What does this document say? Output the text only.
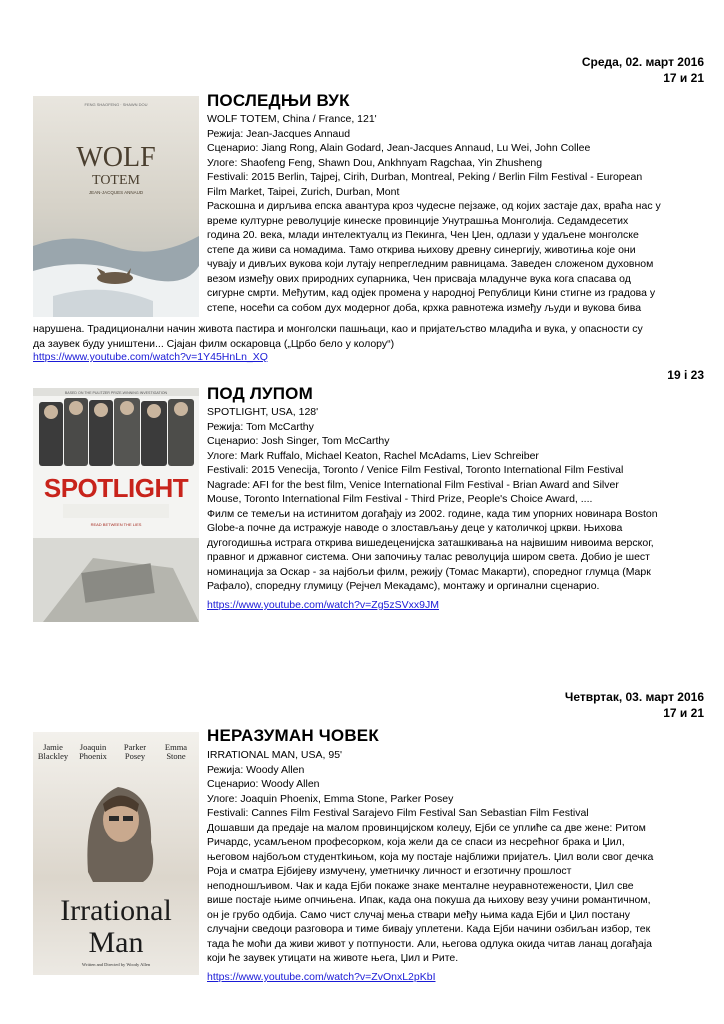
Среда, 02. март 2016
17 и 21
FENG SHAOFENG · SHAWN DOU
WOLF
TOTEM
JEAN-JACQUES ANNAUD
ПОСЛЕДЊИ ВУК
WOLF TOTEM, China / France, 121'
Режија: Jean-Jacques Annaud
Сценарио: Jiang Rong, Alain Godard, Jean-Jacques Annaud, Lu Wei, John Collee
Улоге: Shaofeng Feng, Shawn Dou, Ankhnyam Ragchaa, Yin Zhusheng
Festivali: 2015 Berlin, Tajpej, Cirih, Durban, Montreal, Peking / Berlin Film Festival - European
Film Market, Taipei, Zurich, Durban, Mont
Раскошна и дирљива епска авантура кроз чудесне пејзаже, од којих застаје дах, враћа нас у
време културне револуције кинеске провинције Унутрашња Монголија. Седамдесетих
година 20. века, млади интелектуалц из Пекинга, Чен Џен, одлази у удаљене монголске
степе да живи са номадима. Тамо открива њихову древну синергију, животиња које они
чувају и дивљих вукова који лутају непрегледним равницама. Заведен сложеном духовном
везом између ових природних супарника, Чен присваја младунче вука кога спасава од
сигурне смрти. Међутим, кад одјек промена у народној Републици Кини стигне из градова у
степе, носећи са собом дух модерног доба, крхка равнотежа између људи и вукова бива
нарушена. Традиционални начин живота пастира и монголски пашњаци, као и пријатељство младића и вука, у опасности су
да заувек буду уништени... Сјајан филм оскаровца („Црбо бело у колору“)
https://www.youtube.com/watch?v=1Y45HnLn_XQ
19 i 23
BASED ON THE PULITZER PRIZE-WINNING INVESTIGATION
SPOTLIGHT
READ BETWEEN THE LIES
ПОД ЛУПОМ
SPOTLIGHT, USA, 128'
Режија: Tom McCarthy
Сценарио: Josh Singer, Tom McCarthy
Улоге: Mark Ruffalo, Michael Keaton, Rachel McAdams, Liev Schreiber
Festivali: 2015 Venecija, Toronto / Venice Film Festival, Toronto International Film Festival
Nagrade: AFI for the best film, Venice International Film Festival - Brian Award and Silver
Mouse, Toronto International Film Festival - Third Prize, People's Choice Award, ....
Филм се темељи на истинитом догађају из 2002. године, када тим упорних новинара Boston
Globe-a почне да истражује наводе о злостављању деце у католичкој цркви. Њихова
дугогодишња истрага открива вишедеценијска заташкивања на највишим нивоима верског,
правног и државног система. Они започињу талас револуција широм света. Добио је шест
номинација за Оскар - за најбољи филм, режију (Томас Макарти), споредног глумца (Марк
Рафало), споредну глумицу (Рејчел Мекадамс), монтажу и оргинални сценарио.
https://www.youtube.com/watch?v=Zg5zSVxx9JM
Четвртак, 03. март 2016
17 и 21
Jamie
Blackley
Joaquin
Phoenix
Parker
Posey
Emma
Stone
Irrational
Man
Written and Directed by Woody Allen
НЕРАЗУМАН ЧОВЕК
IRRATIONAL MAN, USA, 95'
Режија: Woody Allen
Сценарио: Woody Allen
Улоге: Joaquin Phoenix, Emma Stone, Parker Posey
Festivali: Cannes Film Festival Sarajevo Film Festival San Sebastian Film Festival
Дошавши да предаје на малом провинцијском колеџу, Ејби се уплиће са две жене: Ритом
Ричардс, усамљеном професорком, која жели да се спаси из несрећног брака и Џил,
његовом најбољом студентkињом, која му постаје најближи пријатељ. Џил воли свог дечка
Роја и сматра Ејбијеву измучену, уметничку личност и егзотичну прошлост
неподношљивом. Чак и када Ејби покаже знаке менталне неуравнотежености, Џил све
више постаје њиме опчињена. Ипак, када она покуша да њихову везу учини романтичном,
он је грубо одбија. Само чист случај мења ствари међу њима када Ејби и Џил постану
случајни сведоци разговора и тиме бивају уплетени. Када Ејби начини озбиљан избор, тек
тада ће моћи да живи живот у потпуности. Али, његова одлука окида читав ланац догађаја
који ће заувек утицати на животе њега, Џил и Рите.
https://www.youtube.com/watch?v=ZvOnxL2pKbI
